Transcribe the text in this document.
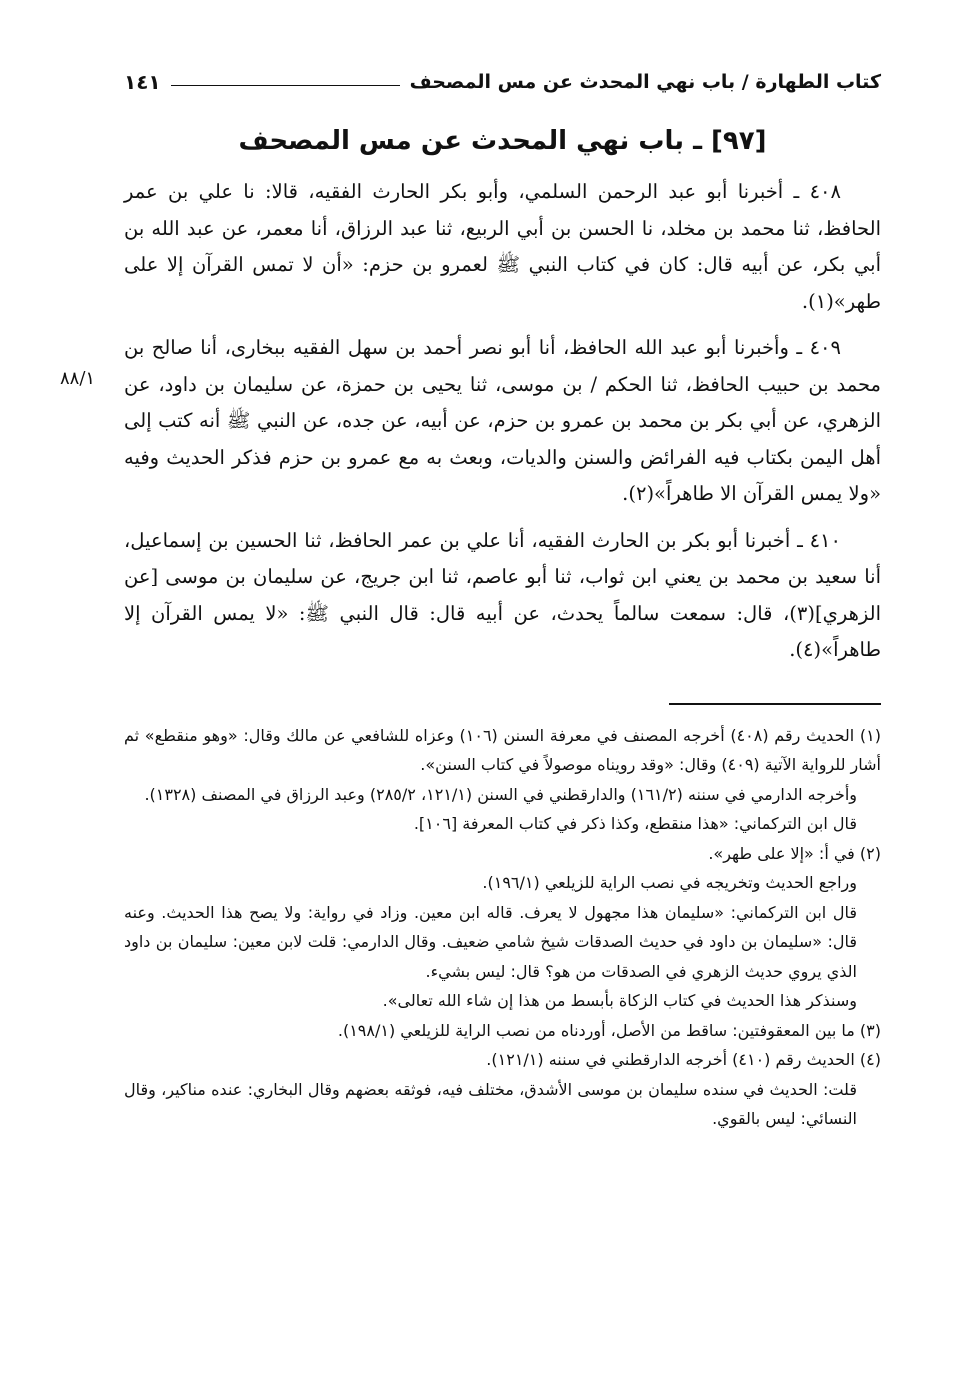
كتاب الطهارة / باب نهي المحدث عن مس المصحف
١٤١
[٩٧] ـ باب نهي المحدث عن مس المصحف

٤٠٨ ـ أخبرنا أبو عبد الرحمن السلمي، وأبو بكر الحارث الفقيه، قالا: نا علي بن عمر الحافظ، ثنا محمد بن مخلد، نا الحسن بن أبي الربيع، ثنا عبد الرزاق، أنا معمر، عن عبد الله بن أبي بكر، عن أبيه قال: كان في كتاب النبي ﷺ لعمرو بن حزم: «أن لا تمس القرآن إلا على طهر»(١).

٤٠٩ ـ وأخبرنا أبو عبد الله الحافظ، أنا أبو نصر أحمد بن سهل الفقيه ببخارى، أنا صالح بن محمد بن حبيب الحافظ، ثنا الحكم / بن موسى، ثنا يحيى بن حمزة، عن سليمان بن داود، عن الزهري، عن أبي بكر بن محمد بن عمرو بن حزم، عن أبيه، عن جده، عن النبي ﷺ أنه كتب إلى أهل اليمن بكتاب فيه الفرائض والسنن والديات، وبعث به مع عمرو بن حزم فذكر الحديث وفيه «ولا يمس القرآن الا طاهراً»(٢).

٨٨/١

٤١٠ ـ أخبرنا أبو بكر بن الحارث الفقيه، أنا علي بن عمر الحافظ، ثنا الحسين بن إسماعيل، أنا سعيد بن محمد بن يعني ابن ثواب، ثنا أبو عاصم، ثنا ابن جريج، عن سليمان بن موسى [عن الزهري](٣)، قال: سمعت سالماً يحدث، عن أبيه قال: قال النبي ﷺ: «لا يمس القرآن إلا طاهراً»(٤).

(١) الحديث رقم (٤٠٨) أخرجه المصنف في معرفة السنن (١٠٦) وعزاه للشافعي عن مالك وقال: «وهو منقطع» ثم أشار للرواية الآتية (٤٠٩) وقال: «وقد رويناه موصولاً في كتاب السنن».

وأخرجه الدارمي في سننه (١٦١/٢) والدارقطني في السنن (١٢١/١، ٢٨٥/٢) وعبد الرزاق في المصنف (١٣٢٨).

قال ابن التركماني: «هذا منقطع، وكذا ذكر في كتاب المعرفة [١٠٦].

(٢) في أ: «إلا على طهر».

وراجع الحديث وتخريجه في نصب الراية للزيلعي (١٩٦/١).

قال ابن التركماني: «سليمان هذا مجهول لا يعرف. قاله ابن معين. وزاد في رواية: ولا يصح هذا الحديث. وعنه قال: «سليمان بن داود في حديث الصدقات شيخ شامي ضعيف. وقال الدارمي: قلت لابن معين: سليمان بن داود الذي يروي حديث الزهري في الصدقات من هو؟ قال: ليس بشيء.

وسنذكر هذا الحديث في كتاب الزكاة بأبسط من هذا إن شاء الله تعالى».

(٣) ما بين المعقوفتين: ساقط من الأصل، أوردناه من نصب الراية للزيلعي (١٩٨/١).

(٤) الحديث رقم (٤١٠) أخرجه الدارقطني في سننه (١٢١/١).

قلت: الحديث في سنده سليمان بن موسى الأشدق، مختلف فيه، فوثقه بعضهم وقال البخاري: عنده مناكير، وقال النسائي: ليس بالقوي.
